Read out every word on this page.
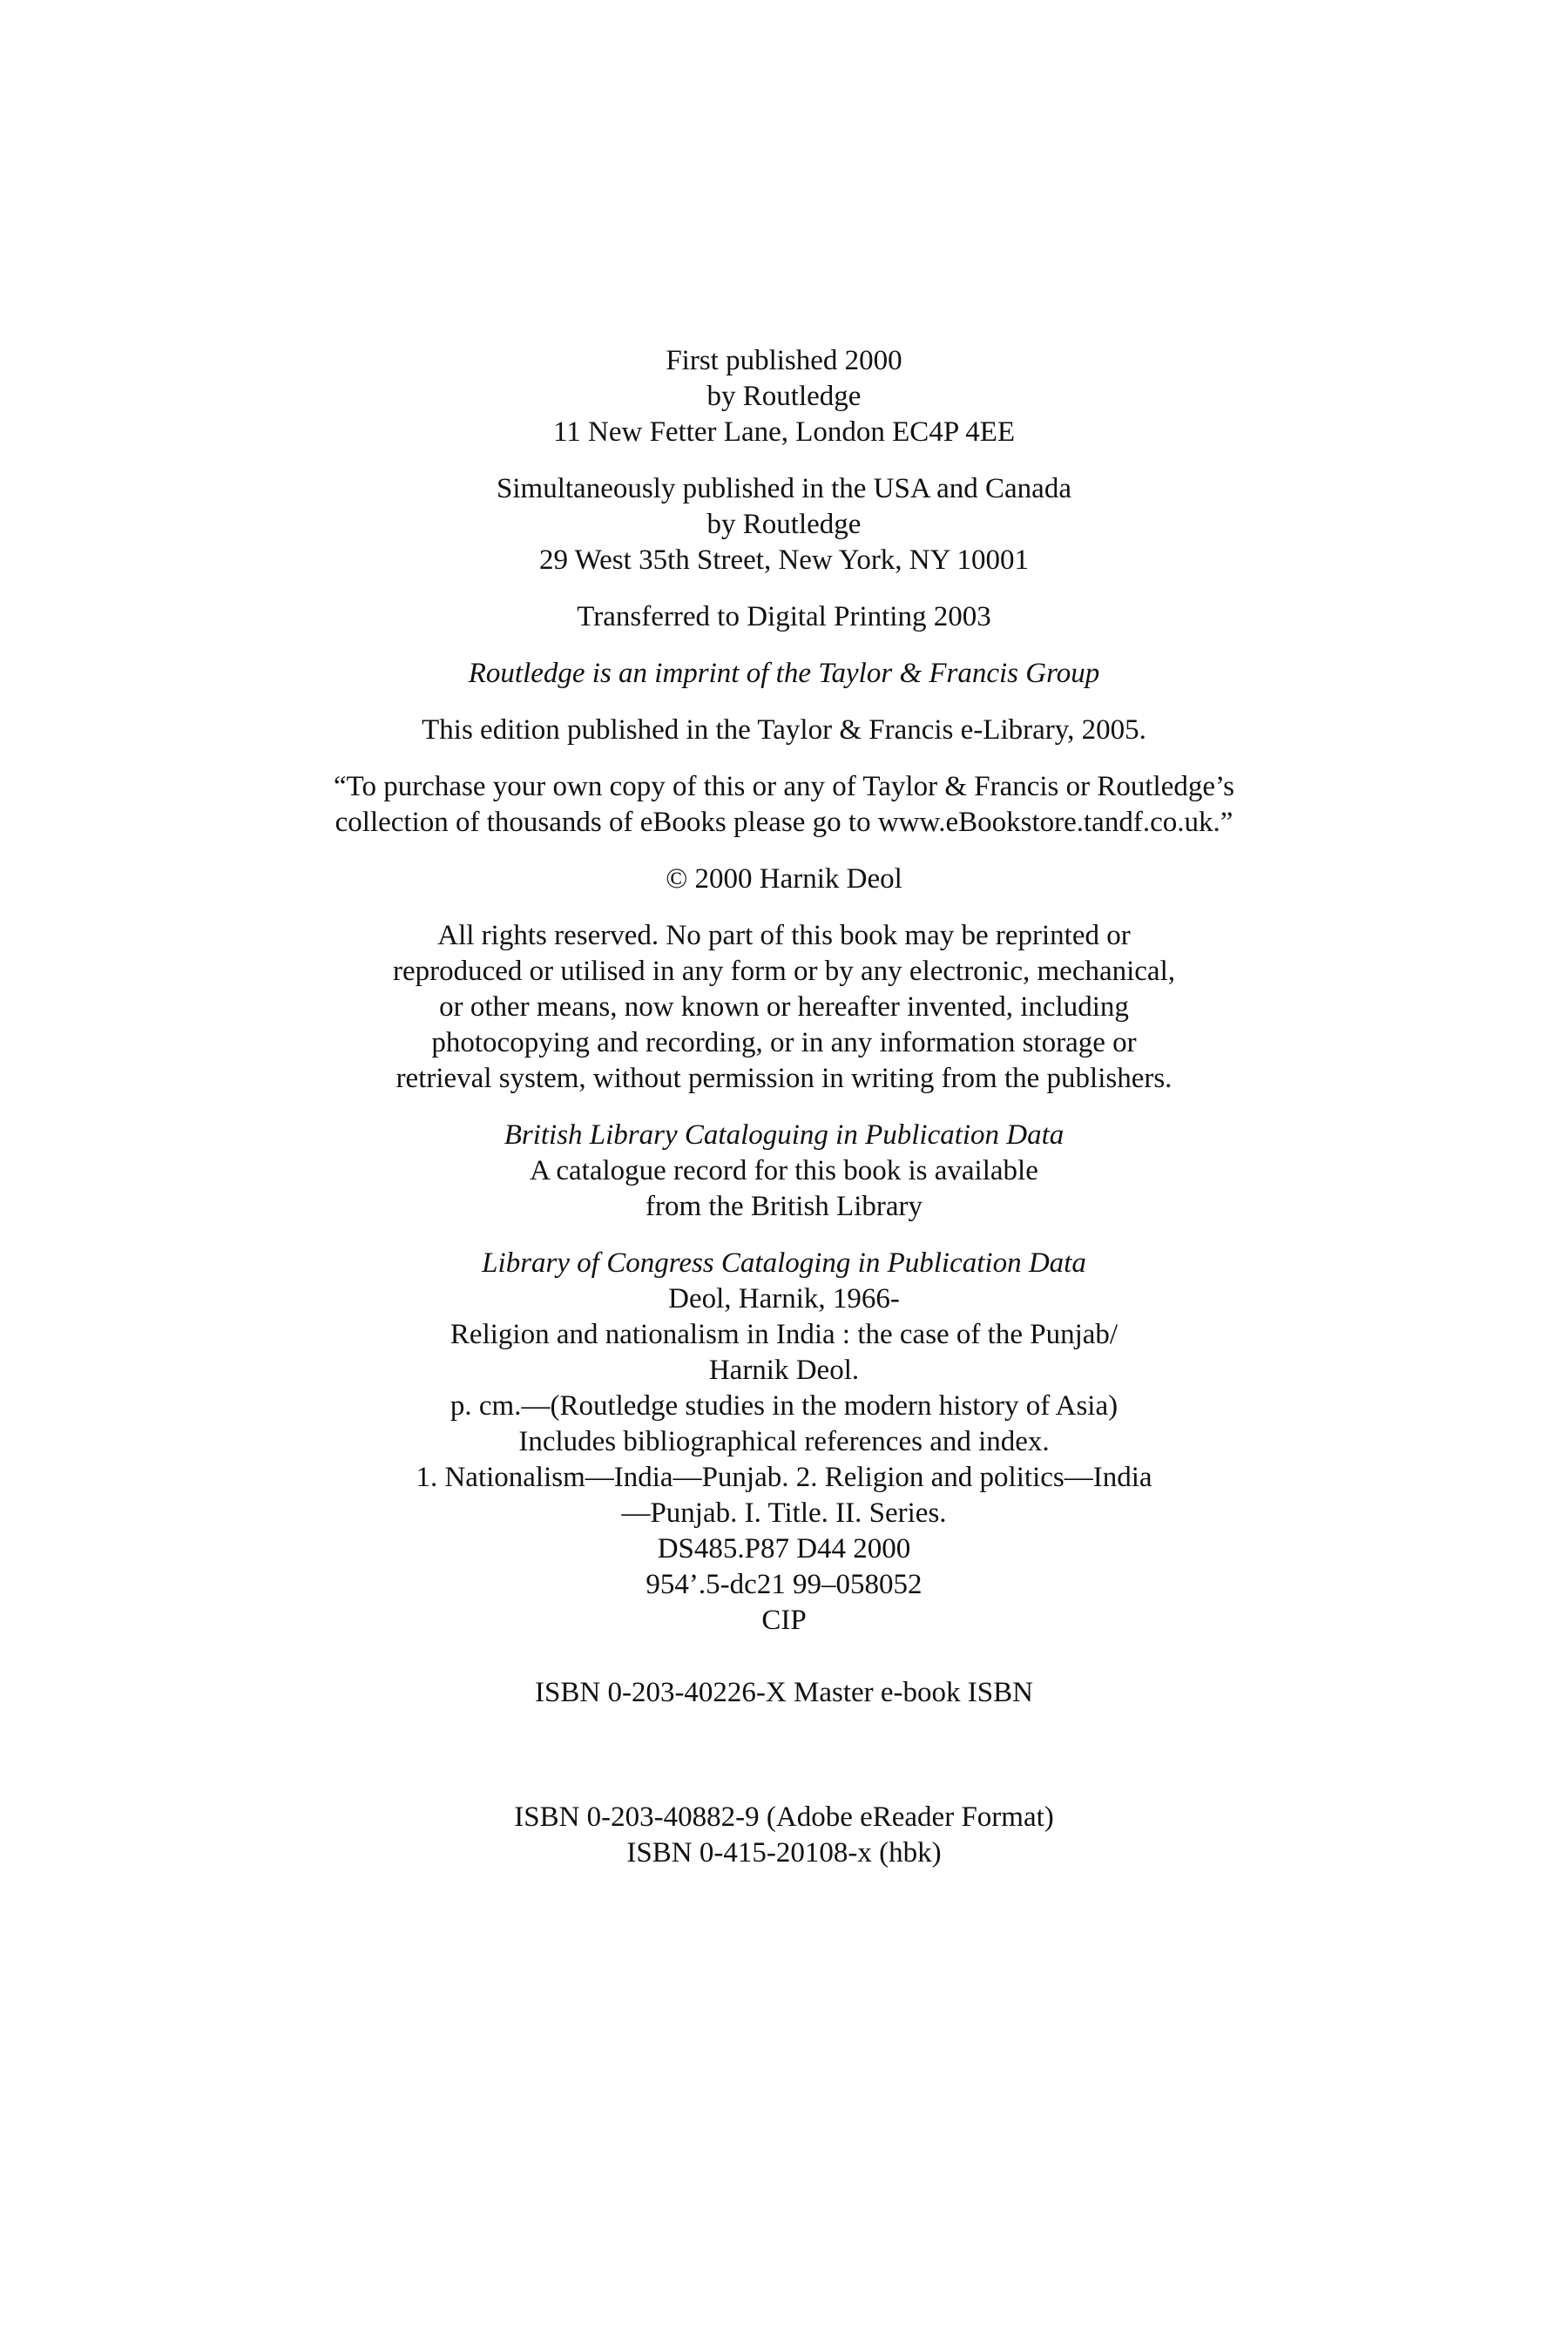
First published 2000
by Routledge
11 New Fetter Lane, London EC4P 4EE
Simultaneously published in the USA and Canada
by Routledge
29 West 35th Street, New York, NY 10001
Transferred to Digital Printing 2003
Routledge is an imprint of the Taylor & Francis Group
This edition published in the Taylor & Francis e-Library, 2005.
“To purchase your own copy of this or any of Taylor & Francis or Routledge’s
collection of thousands of eBooks please go to www.eBookstore.tandf.co.uk.”
© 2000 Harnik Deol
All rights reserved. No part of this book may be reprinted or
reproduced or utilised in any form or by any electronic, mechanical,
or other means, now known or hereafter invented, including
photocopying and recording, or in any information storage or
retrieval system, without permission in writing from the publishers.
British Library Cataloguing in Publication Data
A catalogue record for this book is available
from the British Library
Library of Congress Cataloging in Publication Data
Deol, Harnik, 1966-
Religion and nationalism in India : the case of the Punjab/
Harnik Deol.
p. cm.—(Routledge studies in the modern history of Asia)
Includes bibliographical references and index.
1. Nationalism—India—Punjab. 2. Religion and politics—India
—Punjab. I. Title. II. Series.
DS485.P87 D44 2000
954’.5-dc21 99–058052
CIP
ISBN 0-203-40226-X Master e-book ISBN
ISBN 0-203-40882-9 (Adobe eReader Format)
ISBN 0-415-20108-x (hbk)
